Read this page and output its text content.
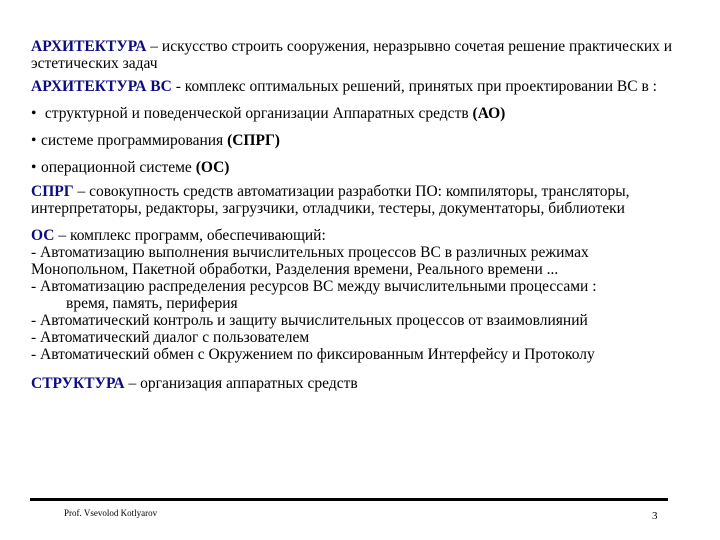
АРХИТЕКТУРА – искусство строить сооружения, неразрывно сочетая решение практических и эстетических задач

АРХИТЕКТУРА ВС - комплекс оптимальных решений, принятых при проектировании ВС в :

• структурной и поведенческой организации Аппаратных средств (АО)

• системе программирования (СПРГ)

• операционной системе (ОС)

СПРГ – совокупность средств автоматизации разработки ПО: компиляторы, трансляторы, интерпретаторы, редакторы, загрузчики, отладчики, тестеры, документаторы, библиотеки

ОС – комплекс программ, обеспечивающий:
- Автоматизацию выполнения вычислительных процессов ВС в различных режимах
Монопольном, Пакетной обработки, Разделения времени, Реального времени ...
- Автоматизацию распределения ресурсов ВС между вычислительными процессами :
время, память, периферия
- Автоматический контроль и защиту вычислительных процессов от взаимовлияний
- Автоматический диалог с пользователем
- Автоматический обмен с Окружением по фиксированным Интерфейсу и Протоколу

СТРУКТУРА – организация аппаратных средств

Prof. Vsevolod Kotlyarov	3
